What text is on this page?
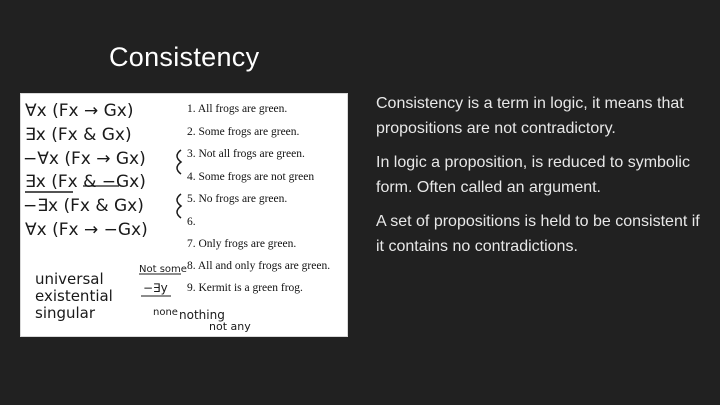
Consistency
∀x (Fx → Gx)
∃x (Fx & Gx)
−∀x (Fx → Gx)
∃x (Fx & −Gx)
−∃x (Fx & Gx)
∀x (Fx → −Gx)
1. All frogs are green.
2. Some frogs are green.
3. Not all frogs are green.
4. Some frogs are not green
5. No frogs are green.
6.
7. Only frogs are green.
8. All and only frogs are green.
9. Kermit is a green frog.
universal
existential
singular
Not some
−∃y
none nothing
not any

Consistency is a term in logic, it means that propositions are not contradictory.

In logic a proposition, is reduced to symbolic form. Often called an argument.

A set of propositions is held to be consistent if it contains no contradictions.
